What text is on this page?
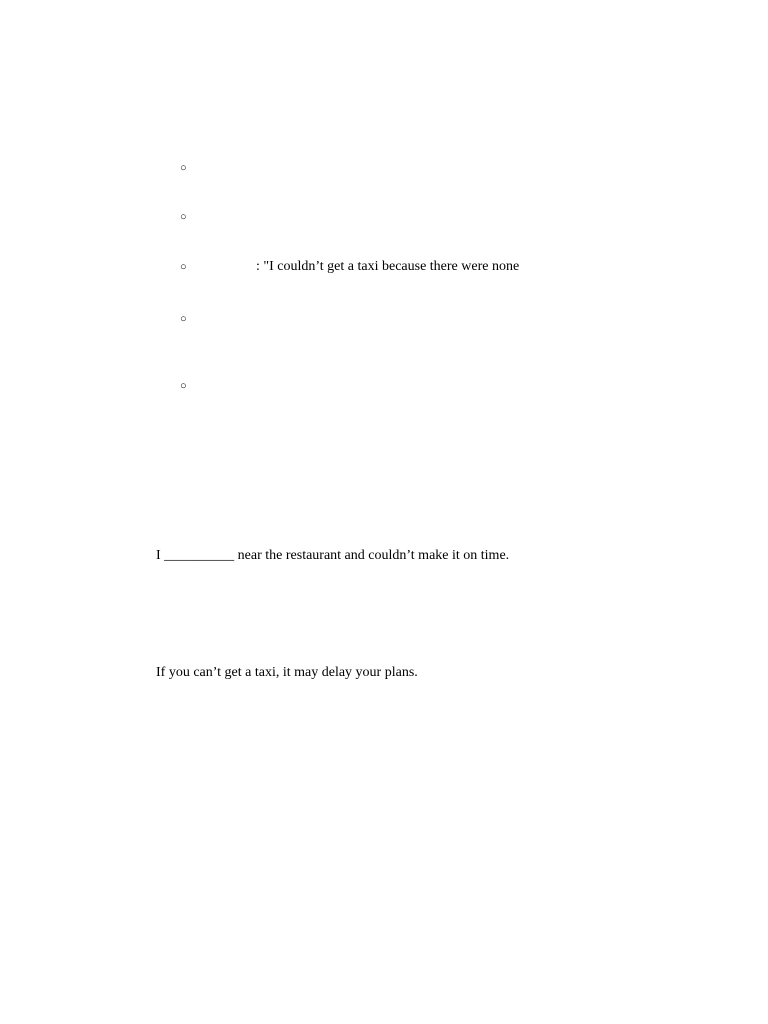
○
○
○	: "I couldn’t get a taxi because there were none
○
○
I __________ near the restaurant and couldn’t make it on time.
If you can’t get a taxi, it may delay your plans.
